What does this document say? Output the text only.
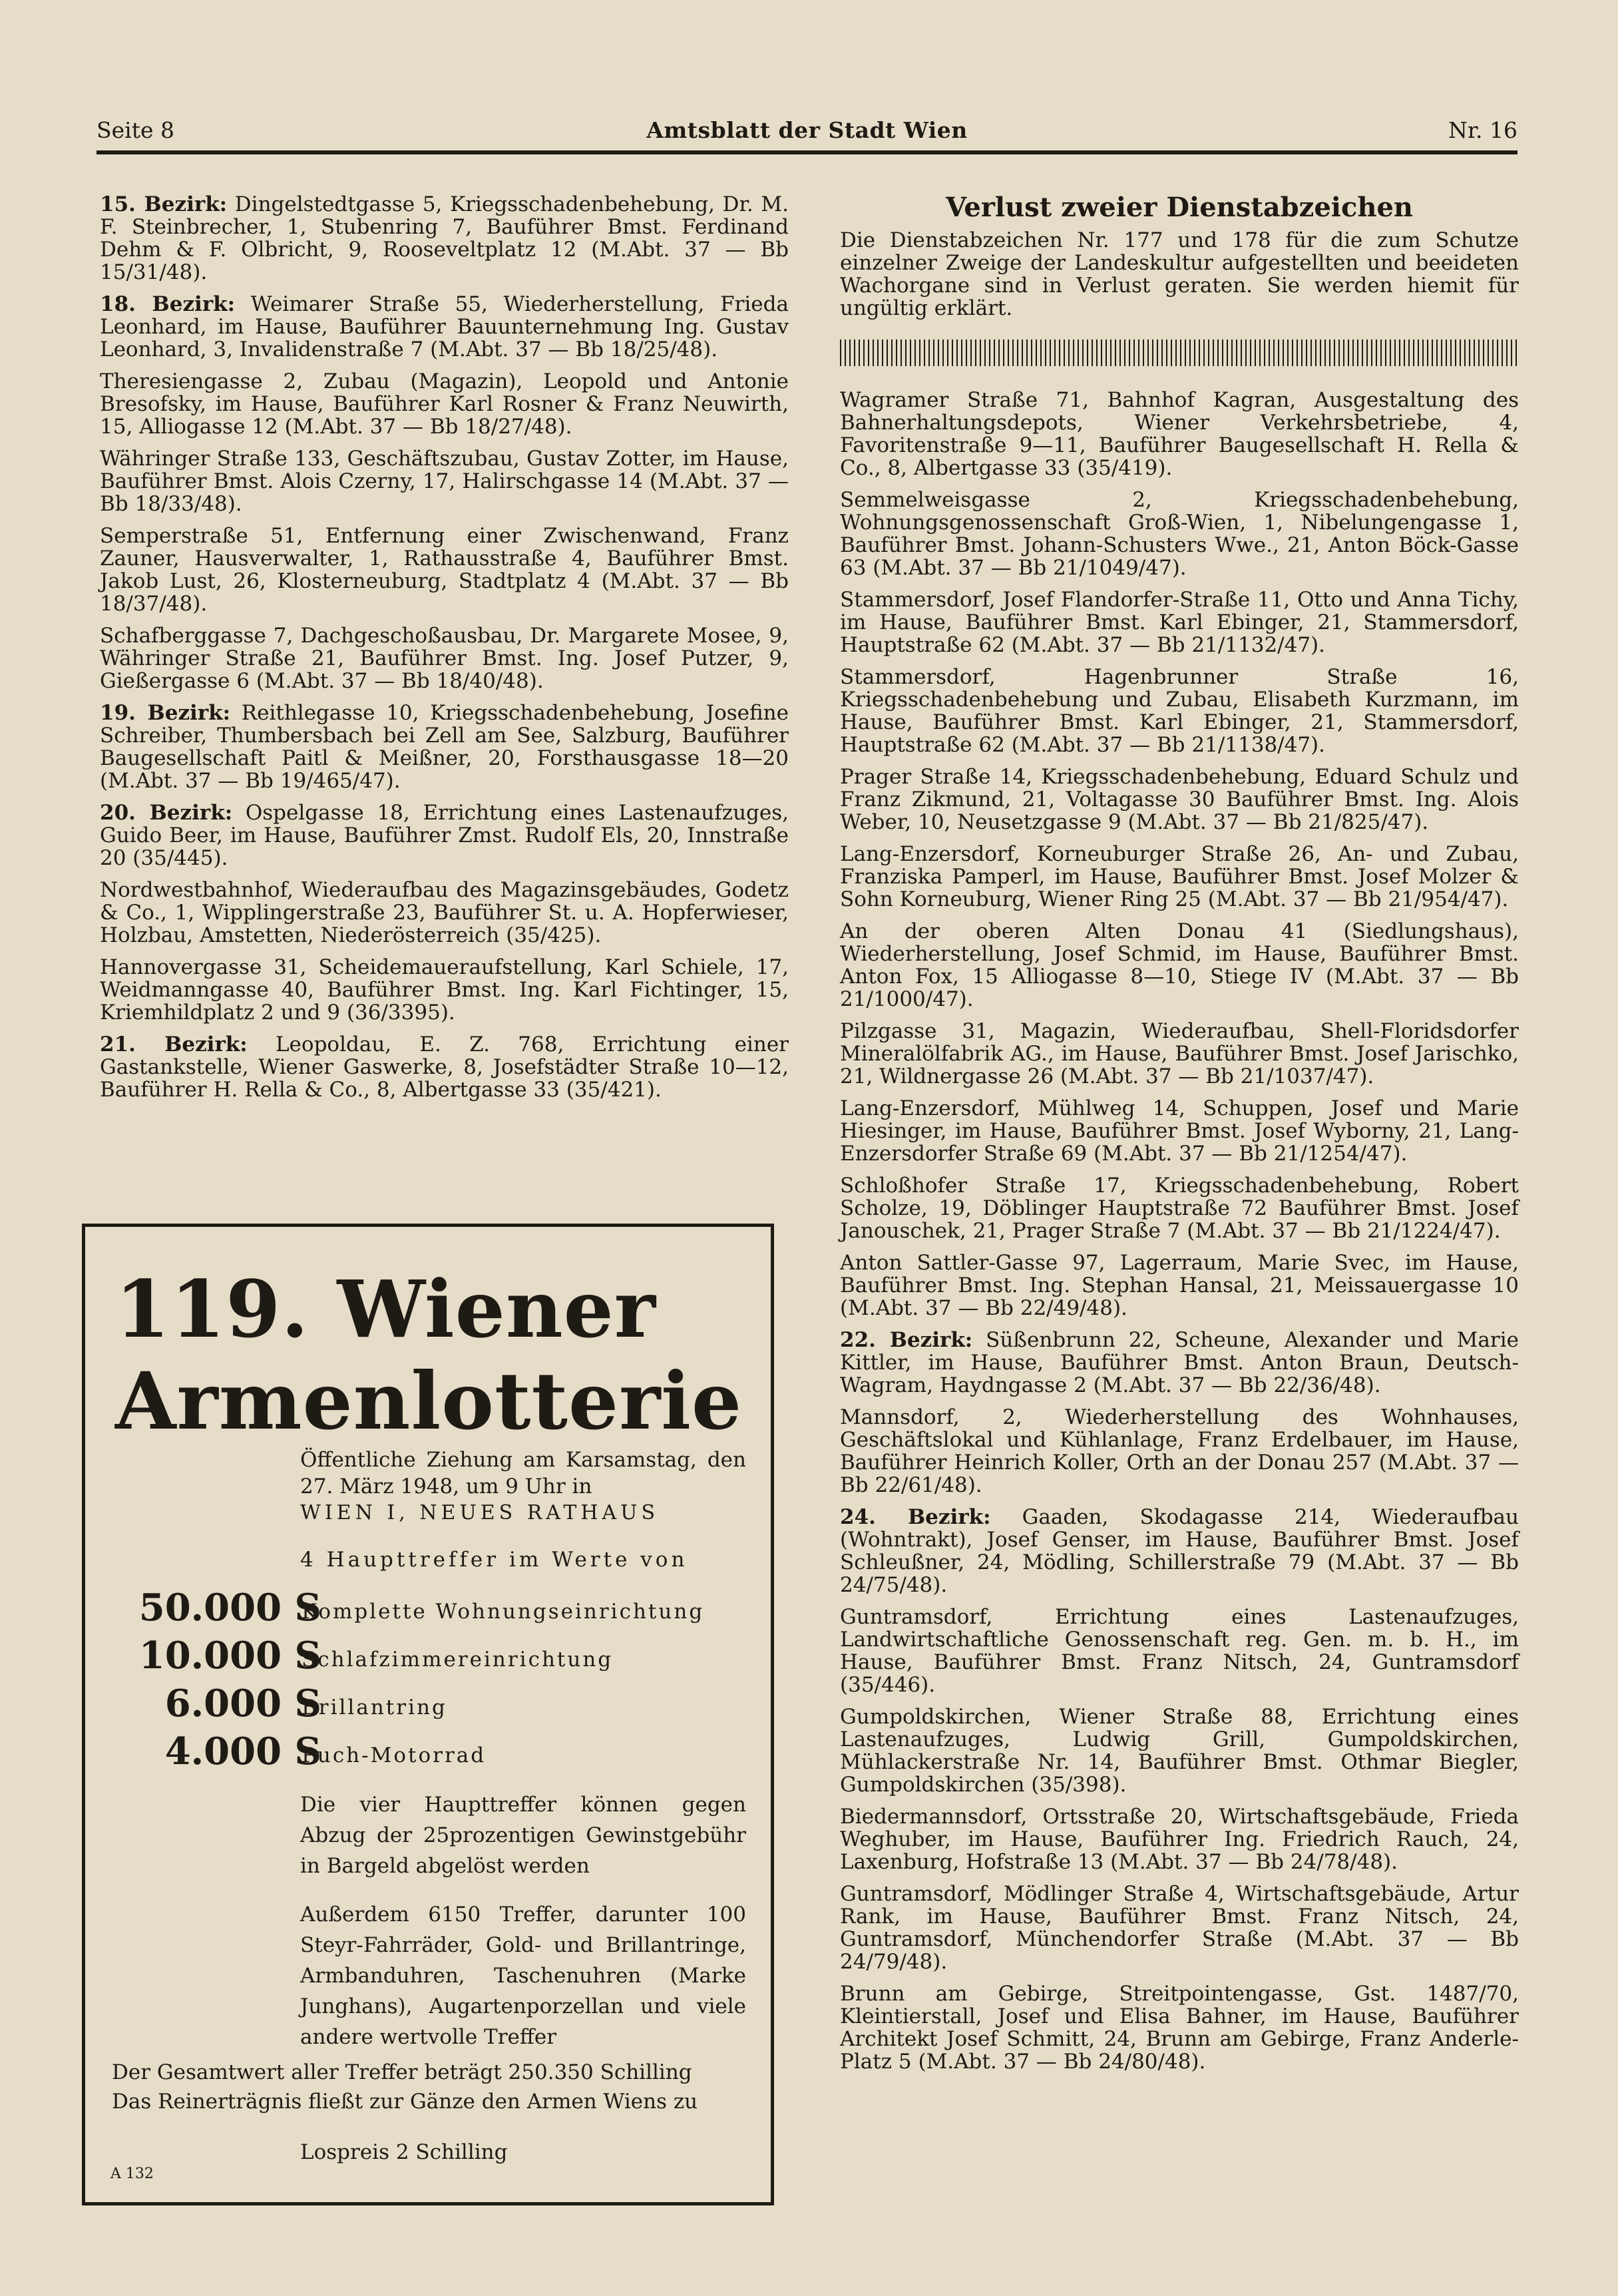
Seite 8	Amtsblatt der Stadt Wien	Nr. 16

15. Bezirk: Dingelstedtgasse 5, Kriegsschadenbehebung, Dr. M. F. Steinbrecher, 1, Stubenring 7, Bauführer Bmst. Ferdinand Dehm & F. Olbricht, 9, Rooseveltplatz 12 (M.Abt. 37 — Bb 15/31/48).

18. Bezirk: Weimarer Straße 55, Wiederherstellung, Frieda Leonhard, im Hause, Bauführer Bauunternehmung Ing. Gustav Leonhard, 3, Invalidenstraße 7 (M.Abt. 37 — Bb 18/25/48).

Theresiengasse 2, Zubau (Magazin), Leopold und Antonie Bresofsky, im Hause, Bauführer Karl Rosner & Franz Neuwirth, 15, Alliogasse 12 (M.Abt. 37 — Bb 18/27/48).

Währinger Straße 133, Geschäftszubau, Gustav Zotter, im Hause, Bauführer Bmst. Alois Czerny, 17, Halirschgasse 14 (M.Abt. 37 — Bb 18/33/48).

Semperstraße 51, Entfernung einer Zwischenwand, Franz Zauner, Hausverwalter, 1, Rathausstraße 4, Bauführer Bmst. Jakob Lust, 26, Klosterneuburg, Stadtplatz 4 (M.Abt. 37 — Bb 18/37/48).

Schafberggasse 7, Dachgeschoßausbau, Dr. Margarete Mosee, 9, Währinger Straße 21, Bauführer Bmst. Ing. Josef Putzer, 9, Gießergasse 6 (M.Abt. 37 — Bb 18/40/48).

19. Bezirk: Reithlegasse 10, Kriegsschadenbehebung, Josefine Schreiber, Thumbersbach bei Zell am See, Salzburg, Bauführer Baugesellschaft Paitl & Meißner, 20, Forsthausgasse 18—20 (M.Abt. 37 — Bb 19/465/47).

20. Bezirk: Ospelgasse 18, Errichtung eines Lastenaufzuges, Guido Beer, im Hause, Bauführer Zmst. Rudolf Els, 20, Innstraße 20 (35/445).

Nordwestbahnhof, Wiederaufbau des Magazinsgebäudes, Godetz & Co., 1, Wipplingerstraße 23, Bauführer St. u. A. Hopferwieser, Holzbau, Amstetten, Niederösterreich (35/425).

Hannovergasse 31, Scheidemaueraufstellung, Karl Schiele, 17, Weidmanngasse 40, Bauführer Bmst. Ing. Karl Fichtinger, 15, Kriemhildplatz 2 und 9 (36/3395).

21. Bezirk: Leopoldau, E. Z. 768, Errichtung einer Gastankstelle, Wiener Gaswerke, 8, Josefstädter Straße 10—12, Bauführer H. Rella & Co., 8, Albertgasse 33 (35/421).

119. Wiener
Armenlotterie
Öffentliche Ziehung am Karsamstag, den 27. März 1948, um 9 Uhr in
WIEN I, NEUES RATHAUS
4 Haupttreffer im Werte von
50.000 S
Komplette Wohnungseinrichtung
10.000 S
Schlafzimmereinrichtung
6.000 S
Brillantring
4.000 S
Puch-Motorrad
Die vier Haupttreffer können gegen Abzug der 25prozentigen Gewinstgebühr in Bargeld abgelöst werden
Außerdem 6150 Treffer, darunter 100 Steyr-Fahrräder, Gold- und Brillantringe, Armbanduhren, Taschenuhren (Marke Junghans), Augartenporzellan und viele andere wertvolle Treffer
Der Gesamtwert aller Treffer beträgt 250.350 Schilling
Das Reinerträgnis fließt zur Gänze den Armen Wiens zu
Lospreis 2 Schilling
A 132
Verlust zweier Dienstabzeichen

Die Dienstabzeichen Nr. 177 und 178 für die zum Schutze einzelner Zweige der Landeskultur aufgestellten und beeideten Wachorgane sind in Verlust geraten. Sie werden hiemit für ungültig erklärt.

Wagramer Straße 71, Bahnhof Kagran, Ausgestaltung des Bahnerhaltungsdepots, Wiener Verkehrsbetriebe, 4, Favoritenstraße 9—11, Bauführer Baugesellschaft H. Rella & Co., 8, Albertgasse 33 (35/419).

Semmelweisgasse 2, Kriegsschadenbehebung, Wohnungsgenossenschaft Groß-Wien, 1, Nibelungengasse 1, Bauführer Bmst. Johann-Schusters Wwe., 21, Anton Böck-Gasse 63 (M.Abt. 37 — Bb 21/1049/47).

Stammersdorf, Josef Flandorfer-Straße 11, Otto und Anna Tichy, im Hause, Bauführer Bmst. Karl Ebinger, 21, Stammersdorf, Hauptstraße 62 (M.Abt. 37 — Bb 21/1132/47).

Stammersdorf, Hagenbrunner Straße 16, Kriegsschadenbehebung und Zubau, Elisabeth Kurzmann, im Hause, Bauführer Bmst. Karl Ebinger, 21, Stammersdorf, Hauptstraße 62 (M.Abt. 37 — Bb 21/1138/47).

Prager Straße 14, Kriegsschadenbehebung, Eduard Schulz und Franz Zikmund, 21, Voltagasse 30 Bauführer Bmst. Ing. Alois Weber, 10, Neusetzgasse 9 (M.Abt. 37 — Bb 21/825/47).

Lang-Enzersdorf, Korneuburger Straße 26, An- und Zubau, Franziska Pamperl, im Hause, Bauführer Bmst. Josef Molzer & Sohn Korneuburg, Wiener Ring 25 (M.Abt. 37 — Bb 21/954/47).

An der oberen Alten Donau 41 (Siedlungshaus), Wiederherstellung, Josef Schmid, im Hause, Bauführer Bmst. Anton Fox, 15 Alliogasse 8—10, Stiege IV (M.Abt. 37 — Bb 21/1000/47).

Pilzgasse 31, Magazin, Wiederaufbau, Shell-Floridsdorfer Mineralölfabrik AG., im Hause, Bauführer Bmst. Josef Jarischko, 21, Wildnergasse 26 (M.Abt. 37 — Bb 21/1037/47).

Lang-Enzersdorf, Mühlweg 14, Schuppen, Josef und Marie Hiesinger, im Hause, Bauführer Bmst. Josef Wyborny, 21, Lang-Enzersdorfer Straße 69 (M.Abt. 37 — Bb 21/1254/47).

Schloßhofer Straße 17, Kriegsschadenbehebung, Robert Scholze, 19, Döblinger Hauptstraße 72 Bauführer Bmst. Josef Janouschek, 21, Prager Straße 7 (M.Abt. 37 — Bb 21/1224/47).

Anton Sattler-Gasse 97, Lagerraum, Marie Svec, im Hause, Bauführer Bmst. Ing. Stephan Hansal, 21, Meissauergasse 10 (M.Abt. 37 — Bb 22/49/48).

22. Bezirk: Süßenbrunn 22, Scheune, Alexander und Marie Kittler, im Hause, Bauführer Bmst. Anton Braun, Deutsch-Wagram, Haydngasse 2 (M.Abt. 37 — Bb 22/36/48).

Mannsdorf, 2, Wiederherstellung des Wohnhauses, Geschäftslokal und Kühlanlage, Franz Erdelbauer, im Hause, Bauführer Heinrich Koller, Orth an der Donau 257 (M.Abt. 37 — Bb 22/61/48).

24. Bezirk: Gaaden, Skodagasse 214, Wiederaufbau (Wohntrakt), Josef Genser, im Hause, Bauführer Bmst. Josef Schleußner, 24, Mödling, Schillerstraße 79 (M.Abt. 37 — Bb 24/75/48).

Guntramsdorf, Errichtung eines Lastenaufzuges, Landwirtschaftliche Genossenschaft reg. Gen. m. b. H., im Hause, Bauführer Bmst. Franz Nitsch, 24, Guntramsdorf (35/446).

Gumpoldskirchen, Wiener Straße 88, Errichtung eines Lastenaufzuges, Ludwig Grill, Gumpoldskirchen, Mühlackerstraße Nr. 14, Bauführer Bmst. Othmar Biegler, Gumpoldskirchen (35/398).

Biedermannsdorf, Ortsstraße 20, Wirtschaftsgebäude, Frieda Weghuber, im Hause, Bauführer Ing. Friedrich Rauch, 24, Laxenburg, Hofstraße 13 (M.Abt. 37 — Bb 24/78/48).

Guntramsdorf, Mödlinger Straße 4, Wirtschaftsgebäude, Artur Rank, im Hause, Bauführer Bmst. Franz Nitsch, 24, Guntramsdorf, Münchendorfer Straße (M.Abt. 37 — Bb 24/79/48).

Brunn am Gebirge, Streitpointengasse, Gst. 1487/70, Kleintierstall, Josef und Elisa Bahner, im Hause, Bauführer Architekt Josef Schmitt, 24, Brunn am Gebirge, Franz Anderle-Platz 5 (M.Abt. 37 — Bb 24/80/48).
